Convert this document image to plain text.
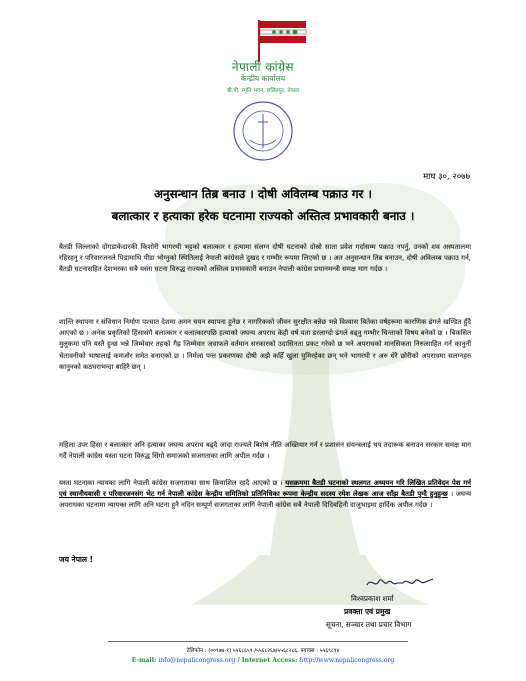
नेपाली कांग्रेस
केन्द्रीय कार्यालय
बी.पी. स्मृति भवन, ललितपुर, नेपाल
माघ ३०, २०७७
अनुसन्धान तिब्र बनाउ । दोषी अविलम्ब पक्राउ गर ।
बलात्कार र हत्याका हरेक घटनामा राज्यको अस्तित्व प्रभावकारी बनाउ ।
बैतडी जिल्लाको दोगडाकेदारकी किशोरी भागरथी भट्टको बलात्कार र हत्यामा संलग्न दोषी घटनाको दोस्रो साता प्रवेश गर्दासम्म पक्राउ नपर्नु, उनको शव अस्पतालमा रहिरहनु र परिवारजनले पिडामाथि पीडा भोग्नुको स्थितिलाई नेपाली कांग्रेसले दुखद र गम्भीर रूपमा लिएको छ । अत अनुसन्धान तिब्र बनाउन, दोषी अविलम्ब पक्राउ गर्न, बैतडी घटनासहित देशभरका सबै यस्ता घटना विरुद्ध राज्यको अस्तित्व प्रभावकारी बनाउन नेपाली कांग्रेस प्रधानमन्त्री समक्ष माग गर्दछ ।
शान्ति स्थापना र संविधान निर्माण पश्चात देशमा अमन चयन स्थापना हुनेछ र नागरिकको जीवन सुरक्षीत बन्नेछ भन्ने विश्वास बितेका वर्षहरूमा कारणिक ढंगले खण्डित हुँदै आएको छ । अनेक प्रकृतिको हिंसासंगै बलात्कार र बलात्कारपछि हत्याको जघन्य अपराध केही वर्ष यता डरलाग्दो ढंगले बढ्नु गम्भीर चिन्ताको विषय बनेको छ । बिकसित मुलुकमा पनि यस्तै हुन्छ भन्ने जिम्मेवार तहको गैह्र जिम्मेवार जवाफले वर्तमान सरकारको उदासिनता प्रकट गरेको छ भने अपराधको मानसिकता निरुत्साहित गर्न कानुनी चेतावनीको भाषालाई कमजोर समेत बनाएको छ । निर्मला पन्त प्रकरणका दोषी अझै कहिँ खुला घुमिरहेका छन् भने भागरथी र अरु धेरै छोरीको अपराधमा सलग्नहरु कानुनको कठघराभन्दा बाहिरै छन् ।
महिला उपर हिंसा र बलात्कार अनि हत्याका जघन्य अपराध बढ्दै जादा राज्यले बिशेष नीति अख्तियार गर्न र प्रशासन संयन्त्रलाई थप तदारूक बनाउन सरकार समक्ष माग गर्दै नेपाली कांग्रेस यस्ता घटना विरुद्ध सिंगो समाजको सजगताका लागि अपील गर्दछ ।
यस्ता घटनाका न्यायका लागि नेपाली कांग्रेस सजगताका साथ क्रियाशिल रहदै आएको छ । यसक्रममा बैतडी घटनाको स्थलगत अध्ययन गरि लिखित प्रतिवेदन पेश गर्न एवं स्थानीयबासी र परिवारजनसंग भेट गर्न नेपाली कांग्रेस केन्द्रीय समितिको प्रतिनिधिका रूपमा केन्द्रीय सदस्य रमेश लेखक आज साँझ बैतडी पुग्दै हुनुहुन्छ । जघन्य अपराधका घटनामा न्यायका लागि अनि घटना हुनै नदिन सम्पूर्ण सजगताका लागि नेपाली कांग्रेस सबै नेपाली दिदिबहिनी दाजुभाइमा हार्दिक अपील गर्दछ ।
जय नेपाल !
विश्वप्रकाश शर्मा
प्रवक्ता एवं प्रमुख
सूचना, सञ्चार तथा प्रचार विभाग
टेलिफोन : (००९७७-१) ५५६८६५९ /५५६८२६७/५५६८२८६, फ्याक्स : ५५६९८९४
E-mail: info@nepalicongress.org / Internet Access: http://www.nepalicongress.org
